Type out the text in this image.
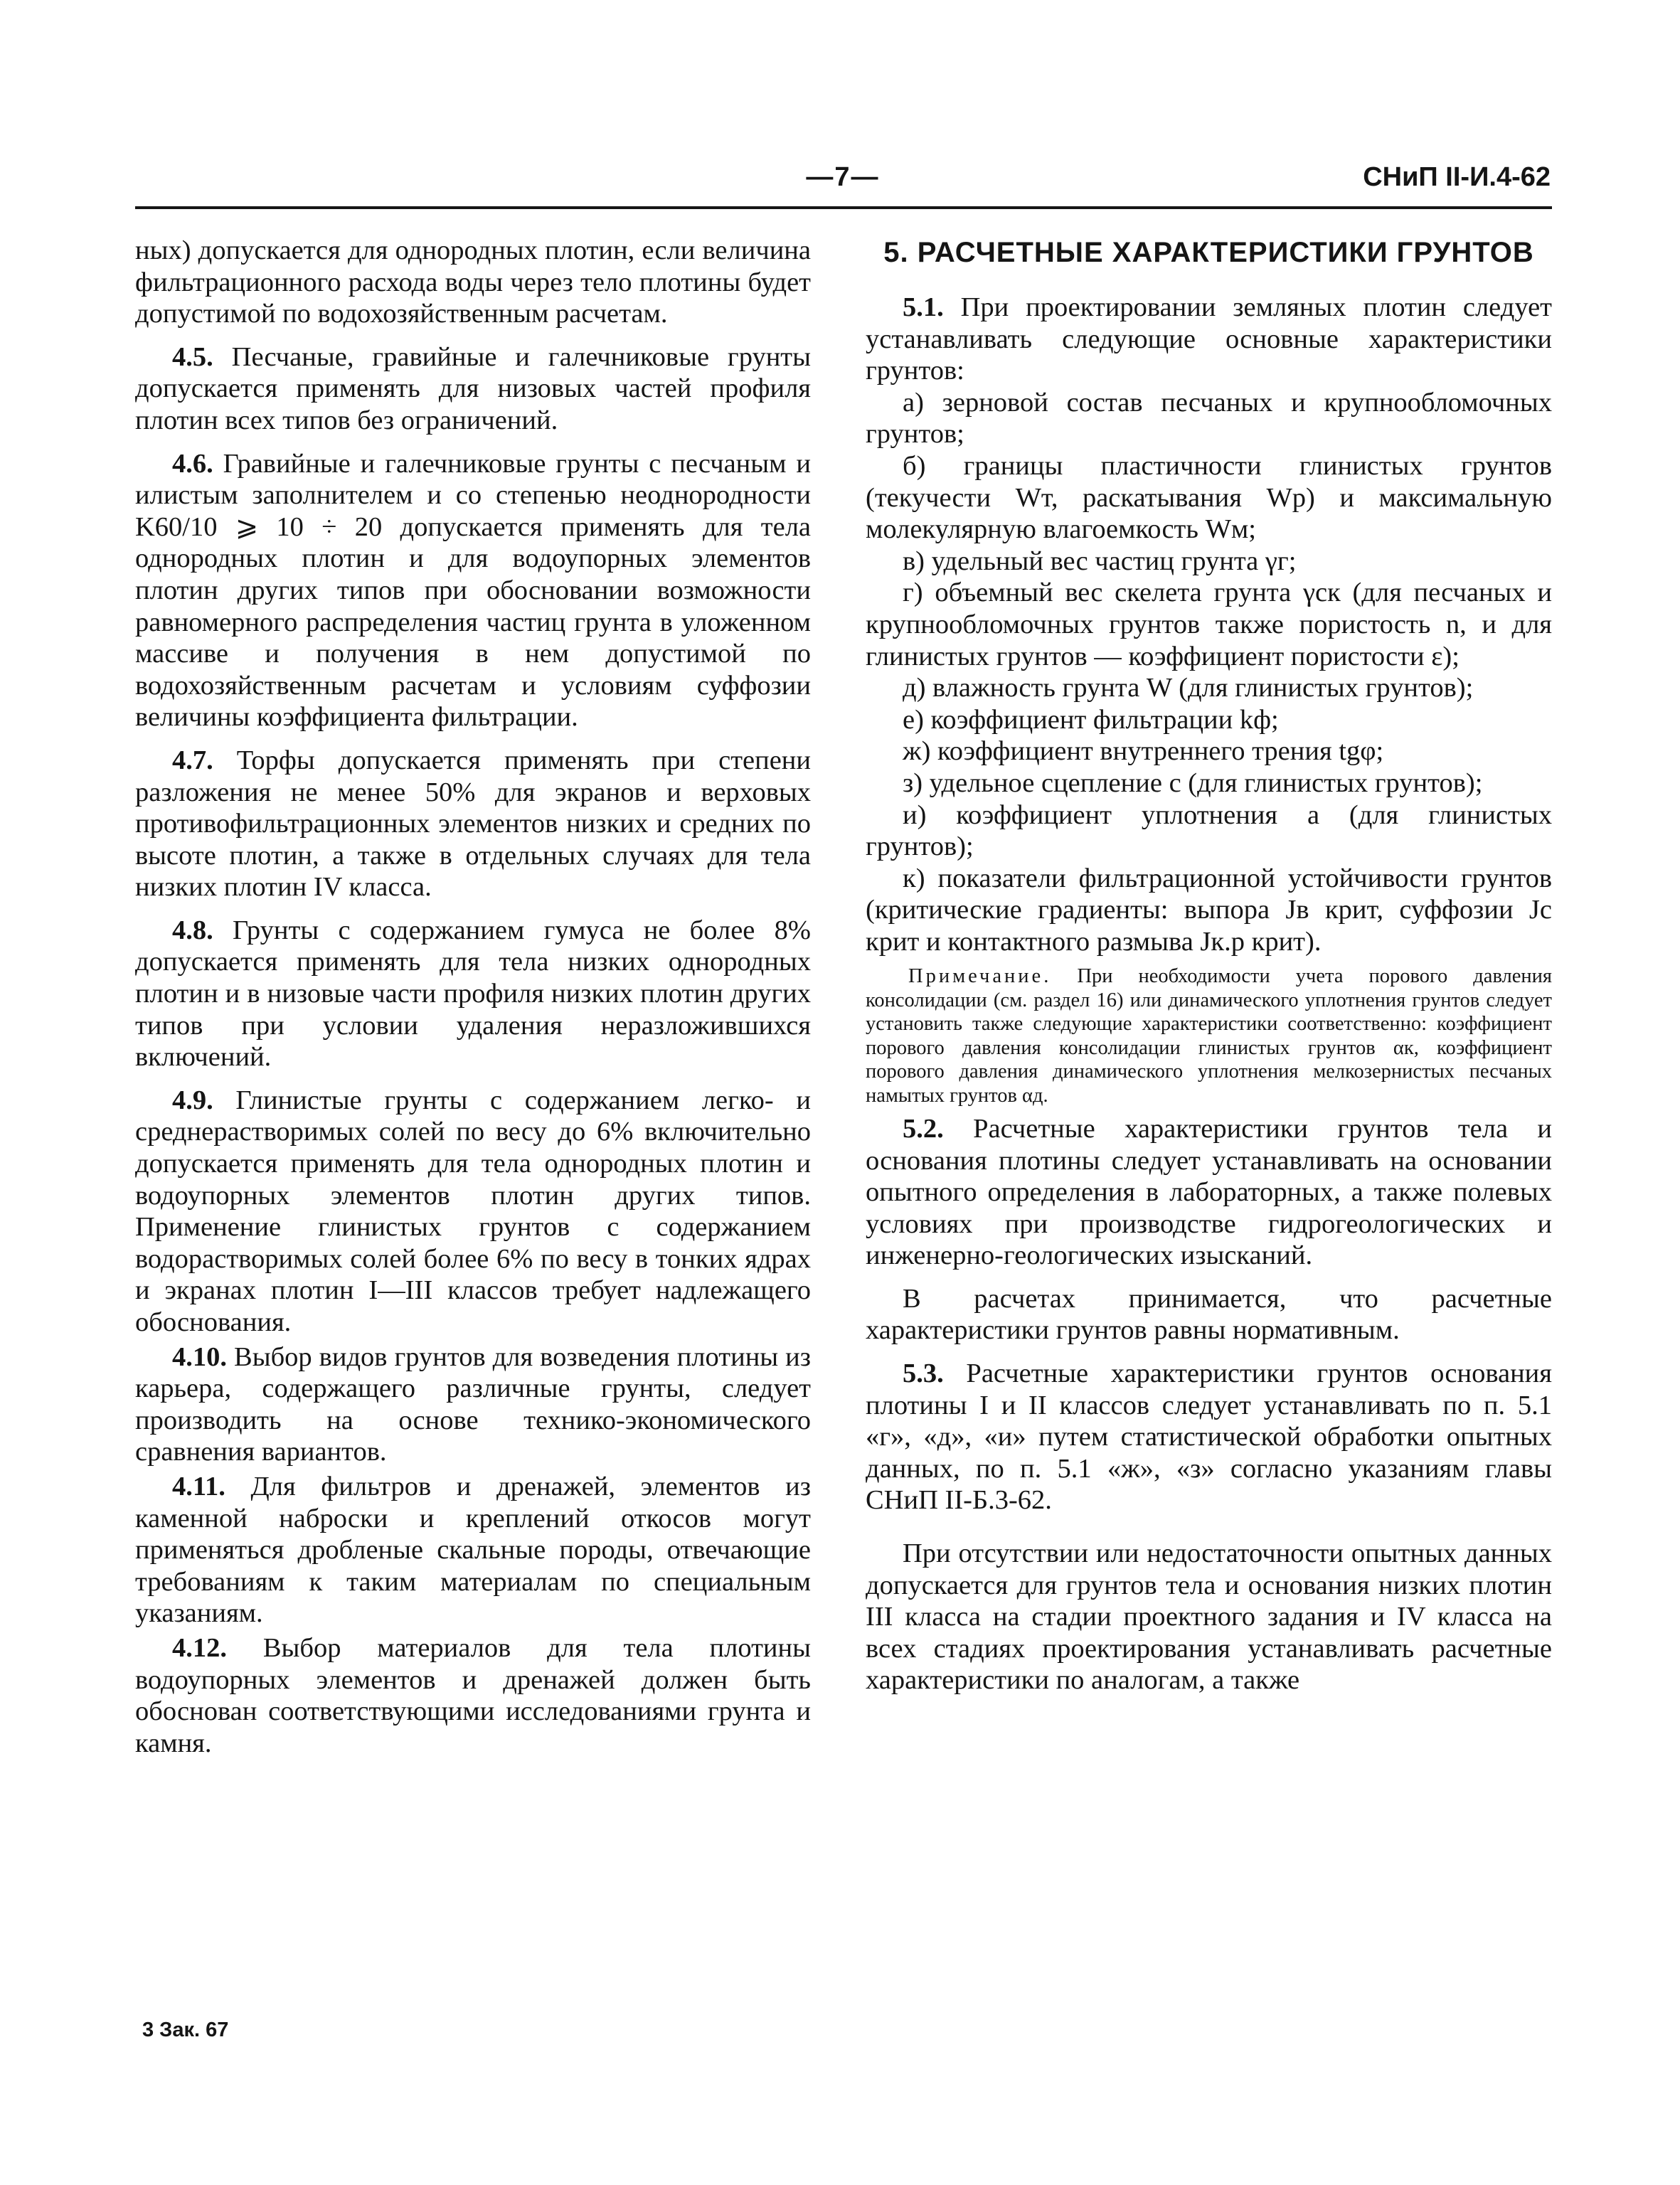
—7—	СНиП II-И.4-62

ных) допускается для однородных плотин, если величина фильтрационного расхода воды через тело плотины будет допустимой по водохозяйственным расчетам.

4.5. Песчаные, гравийные и галечниковые грунты допускается применять для низовых частей профиля плотин всех типов без ограничений.

4.6. Гравийные и галечниковые грунты с песчаным и илистым заполнителем и со степенью неоднородности K60/10 ⩾ 10 ÷ 20 допускается применять для тела однородных плотин и для водоупорных элементов плотин других типов при обосновании возможности равномерного распределения частиц грунта в уложенном массиве и получения в нем допустимой по водохозяйственным расчетам и условиям суффозии величины коэффициента фильтрации.

4.7. Торфы допускается применять при степени разложения не менее 50% для экранов и верховых противофильтрационных элементов низких и средних по высоте плотин, а также в отдельных случаях для тела низких плотин IV класса.

4.8. Грунты с содержанием гумуса не более 8% допускается применять для тела низких однородных плотин и в низовые части профиля низких плотин других типов при условии удаления неразложившихся включений.

4.9. Глинистые грунты с содержанием легко- и среднерастворимых солей по весу до 6% включительно допускается применять для тела однородных плотин и водоупорных элементов плотин других типов. Применение глинистых грунтов с содержанием водорастворимых солей более 6% по весу в тонких ядрах и экранах плотин I—III классов требует надлежащего обоснования.

4.10. Выбор видов грунтов для возведения плотины из карьера, содержащего различные грунты, следует производить на основе технико-экономического сравнения вариантов.

4.11. Для фильтров и дренажей, элементов из каменной наброски и креплений откосов могут применяться дробленые скальные породы, отвечающие требованиям к таким материалам по специальным указаниям.

4.12. Выбор материалов для тела плотины водоупорных элементов и дренажей должен быть обоснован соответствующими исследованиями грунта и камня.

5. РАСЧЕТНЫЕ ХАРАКТЕРИСТИКИ ГРУНТОВ

5.1. При проектировании земляных плотин следует устанавливать следующие основные характеристики грунтов:

а) зерновой состав песчаных и крупнообломочных грунтов;

б) границы пластичности глинистых грунтов (текучести Wт, раскатывания Wр) и максимальную молекулярную влагоемкость Wм;

в) удельный вес частиц грунта γг;

г) объемный вес скелета грунта γск (для песчаных и крупнообломочных грунтов также пористость n, и для глинистых грунтов — коэффициент пористости ε);

д) влажность грунта W (для глинистых грунтов);

е) коэффициент фильтрации kф;

ж) коэффициент внутреннего трения tgφ;

з) удельное сцепление c (для глинистых грунтов);

и) коэффициент уплотнения a (для глинистых грунтов);

к) показатели фильтрационной устойчивости грунтов (критические градиенты: выпора Jв крит, суффозии Jс крит и контактного размыва Jк.р крит).

Примечание. При необходимости учета порового давления консолидации (см. раздел 16) или динамического уплотнения грунтов следует установить также следующие характеристики соответственно: коэффициент порового давления консолидации глинистых грунтов αк, коэффициент порового давления динамического уплотнения мелкозернистых песчаных намытых грунтов αд.

5.2. Расчетные характеристики грунтов тела и основания плотины следует устанавливать на основании опытного определения в лабораторных, а также полевых условиях при производстве гидрогеологических и инженерно-геологических изысканий.

В расчетах принимается, что расчетные характеристики грунтов равны нормативным.

5.3. Расчетные характеристики грунтов основания плотины I и II классов следует устанавливать по п. 5.1 «г», «д», «и» путем статистической обработки опытных данных, по п. 5.1 «ж», «з» согласно указаниям главы СНиП II-Б.3-62.

При отсутствии или недостаточности опытных данных допускается для грунтов тела и основания низких плотин III класса на стадии проектного задания и IV класса на всех стадиях проектирования устанавливать расчетные характеристики по аналогам, а также

3 Зак. 67
